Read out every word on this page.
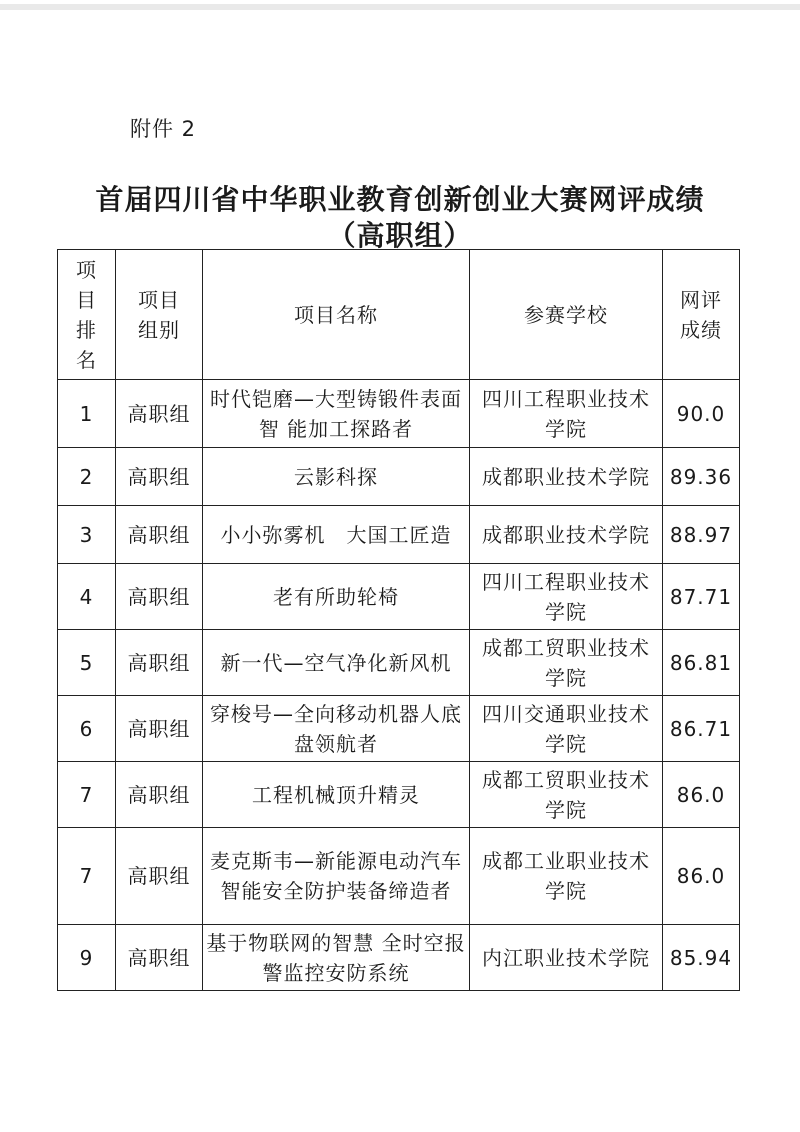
附件 2
首届四川省中华职业教育创新创业大赛网评成绩
（高职组）
项
目
排
名	项目组别	项目名称	参赛学校	网评成绩
1	高职组	时代铠磨—大型铸锻件表面智 能加工探路者	四川工程职业技术学院	90.0
2	高职组	云影科探	成都职业技术学院	89.36
3	高职组	小小弥雾机　大国工匠造	成都职业技术学院	88.97
4	高职组	老有所助轮椅	四川工程职业技术学院	87.71
5	高职组	新一代—空气净化新风机	成都工贸职业技术学院	86.81
6	高职组	穿梭号—全向移动机器人底盘领航者	四川交通职业技术学院	86.71
7	高职组	工程机械顶升精灵	成都工贸职业技术学院	86.0
7	高职组	麦克斯韦—新能源电动汽车智能安全防护装备缔造者	成都工业职业技术学院	86.0
9	高职组	基于物联网的智慧 全时空报警监控安防系统	内江职业技术学院	85.94
